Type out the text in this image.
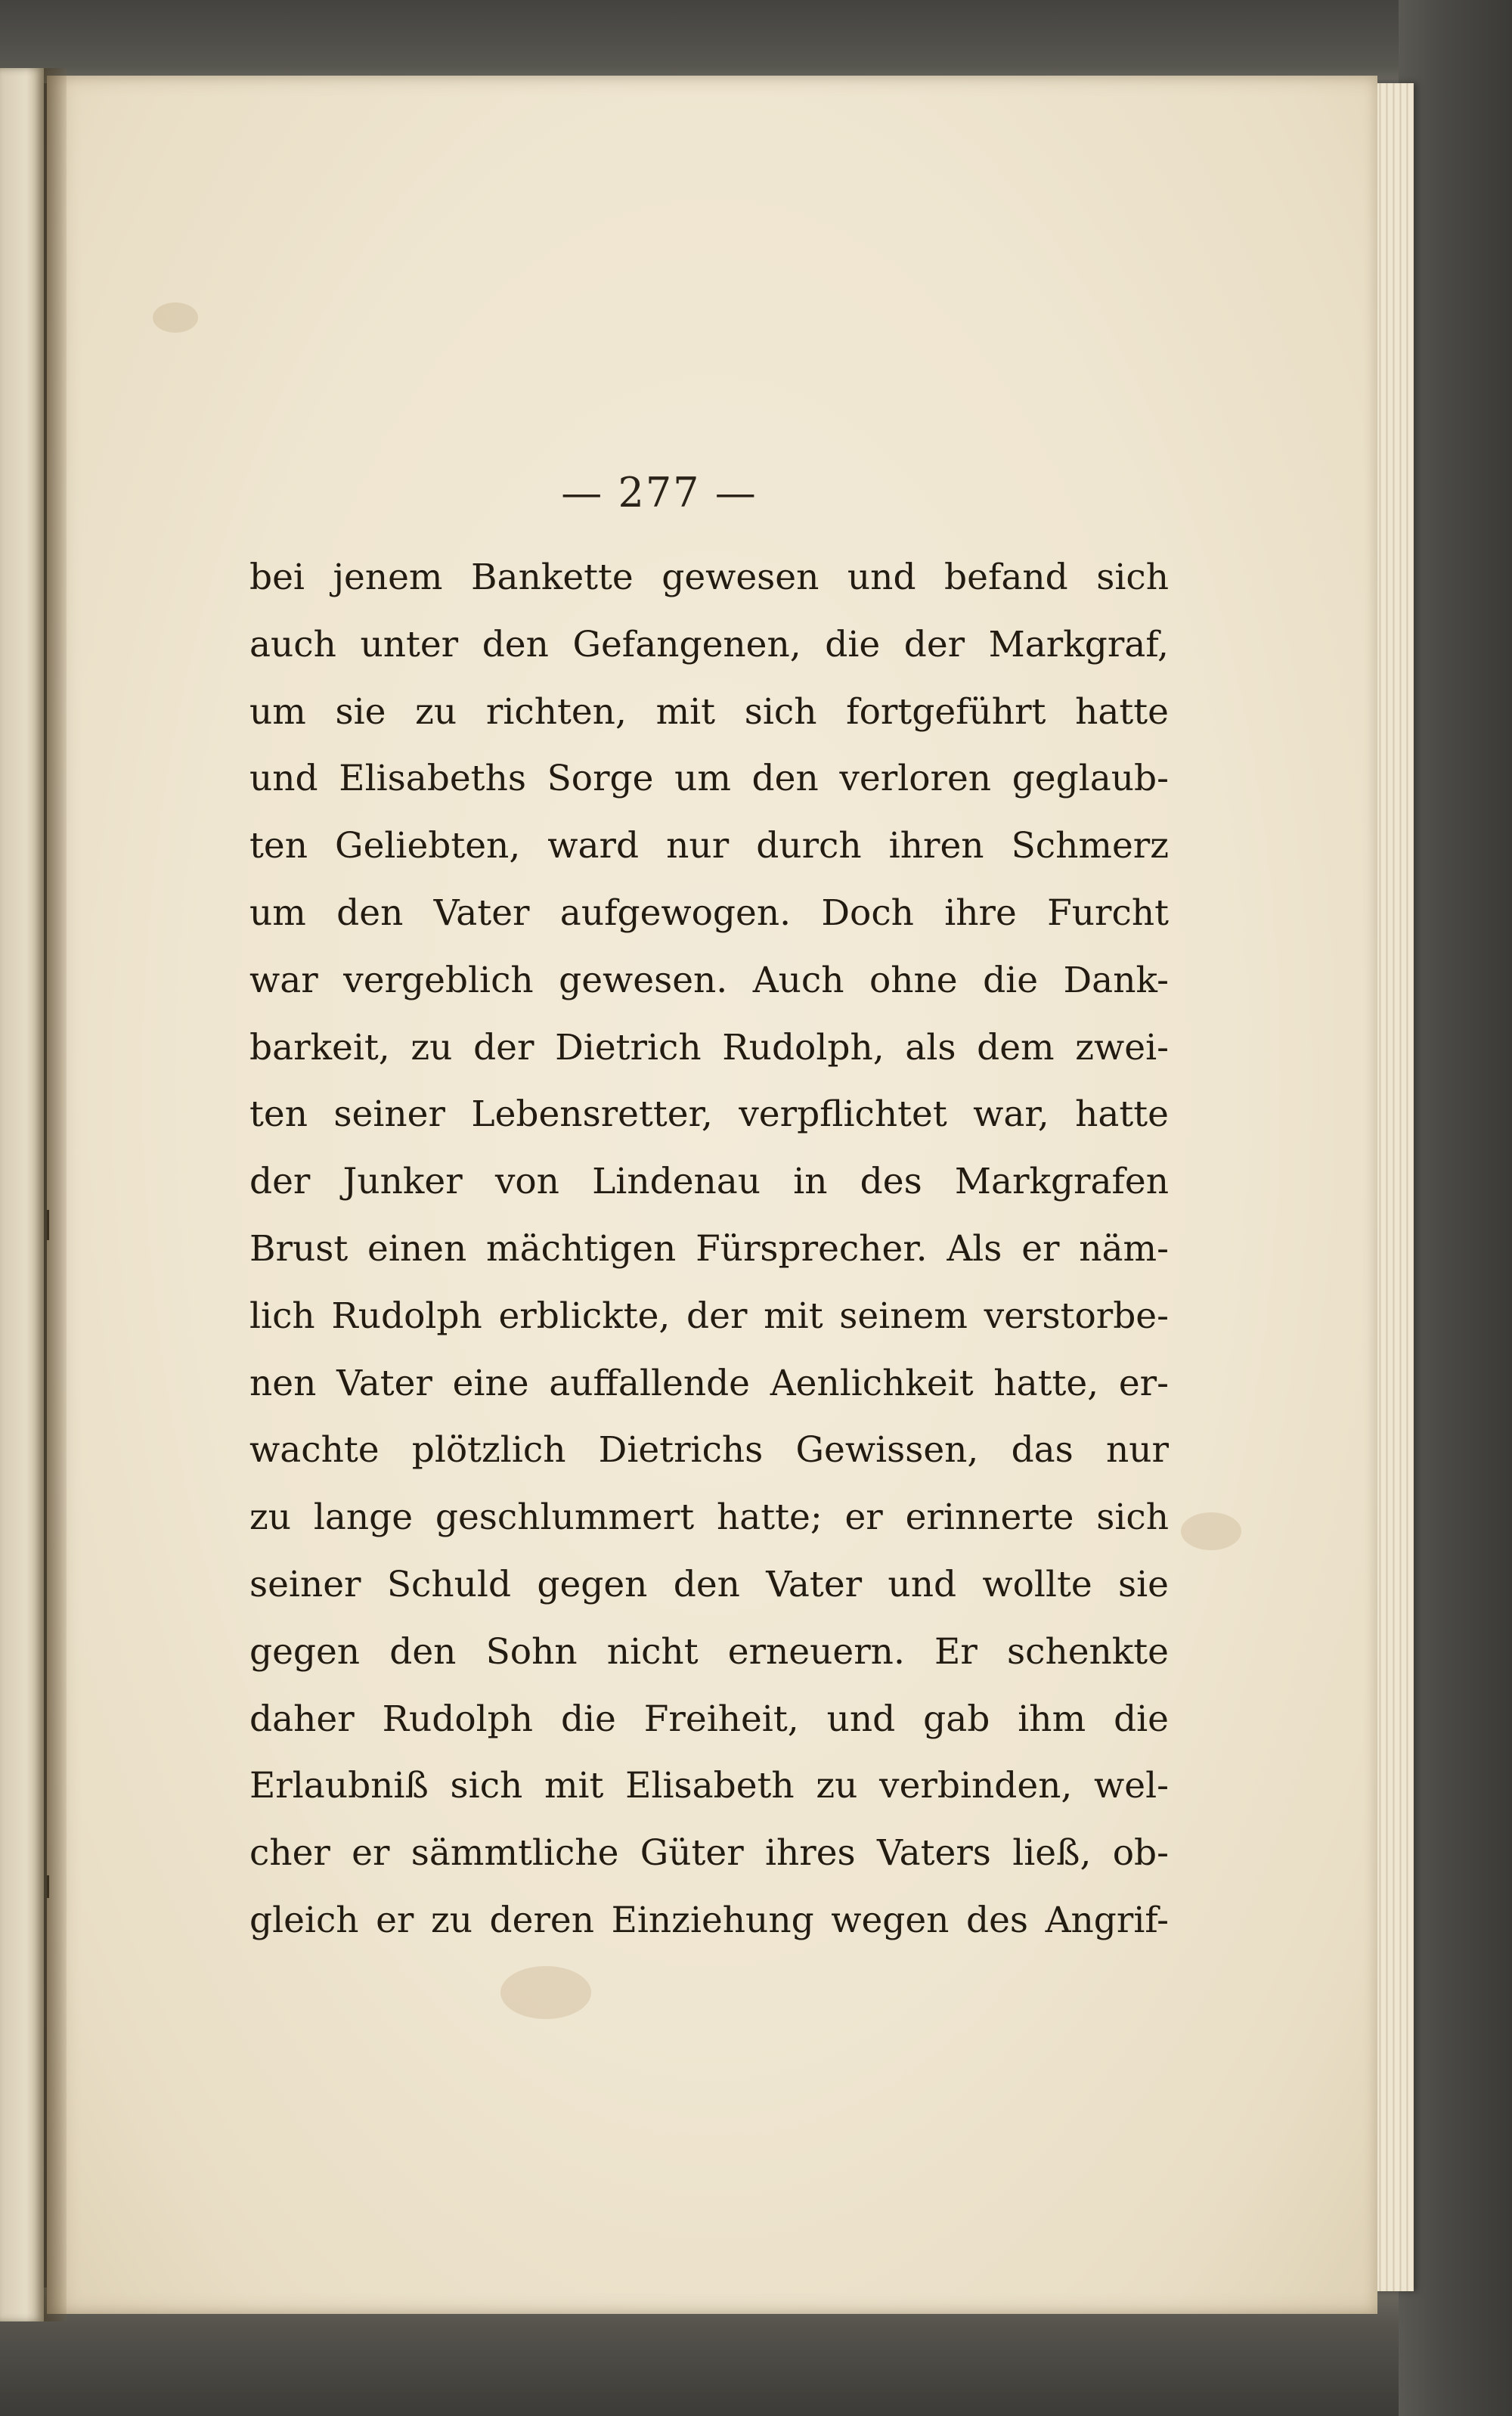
— 277 —
bei jenem Bankette gewesen und befand sich
auch unter den Gefangenen, die der Markgraf,
um sie zu richten, mit sich fortgeführt hatte
und Elisabeths Sorge um den verloren geglaub-
ten Geliebten, ward nur durch ihren Schmerz
um den Vater aufgewogen. Doch ihre Furcht
war vergeblich gewesen. Auch ohne die Dank-
barkeit, zu der Dietrich Rudolph, als dem zwei-
ten seiner Lebensretter, verpflichtet war, hatte
der Junker von Lindenau in des Markgrafen
Brust einen mächtigen Fürsprecher. Als er näm-
lich Rudolph erblickte, der mit seinem verstorbe-
nen Vater eine auffallende Aenlichkeit hatte, er-
wachte plötzlich Dietrichs Gewissen, das nur
zu lange geschlummert hatte; er erinnerte sich
seiner Schuld gegen den Vater und wollte sie
gegen den Sohn nicht erneuern. Er schenkte
daher Rudolph die Freiheit, und gab ihm die
Erlaubniß sich mit Elisabeth zu verbinden, wel-
cher er sämmtliche Güter ihres Vaters ließ, ob-
gleich er zu deren Einziehung wegen des Angrif-
